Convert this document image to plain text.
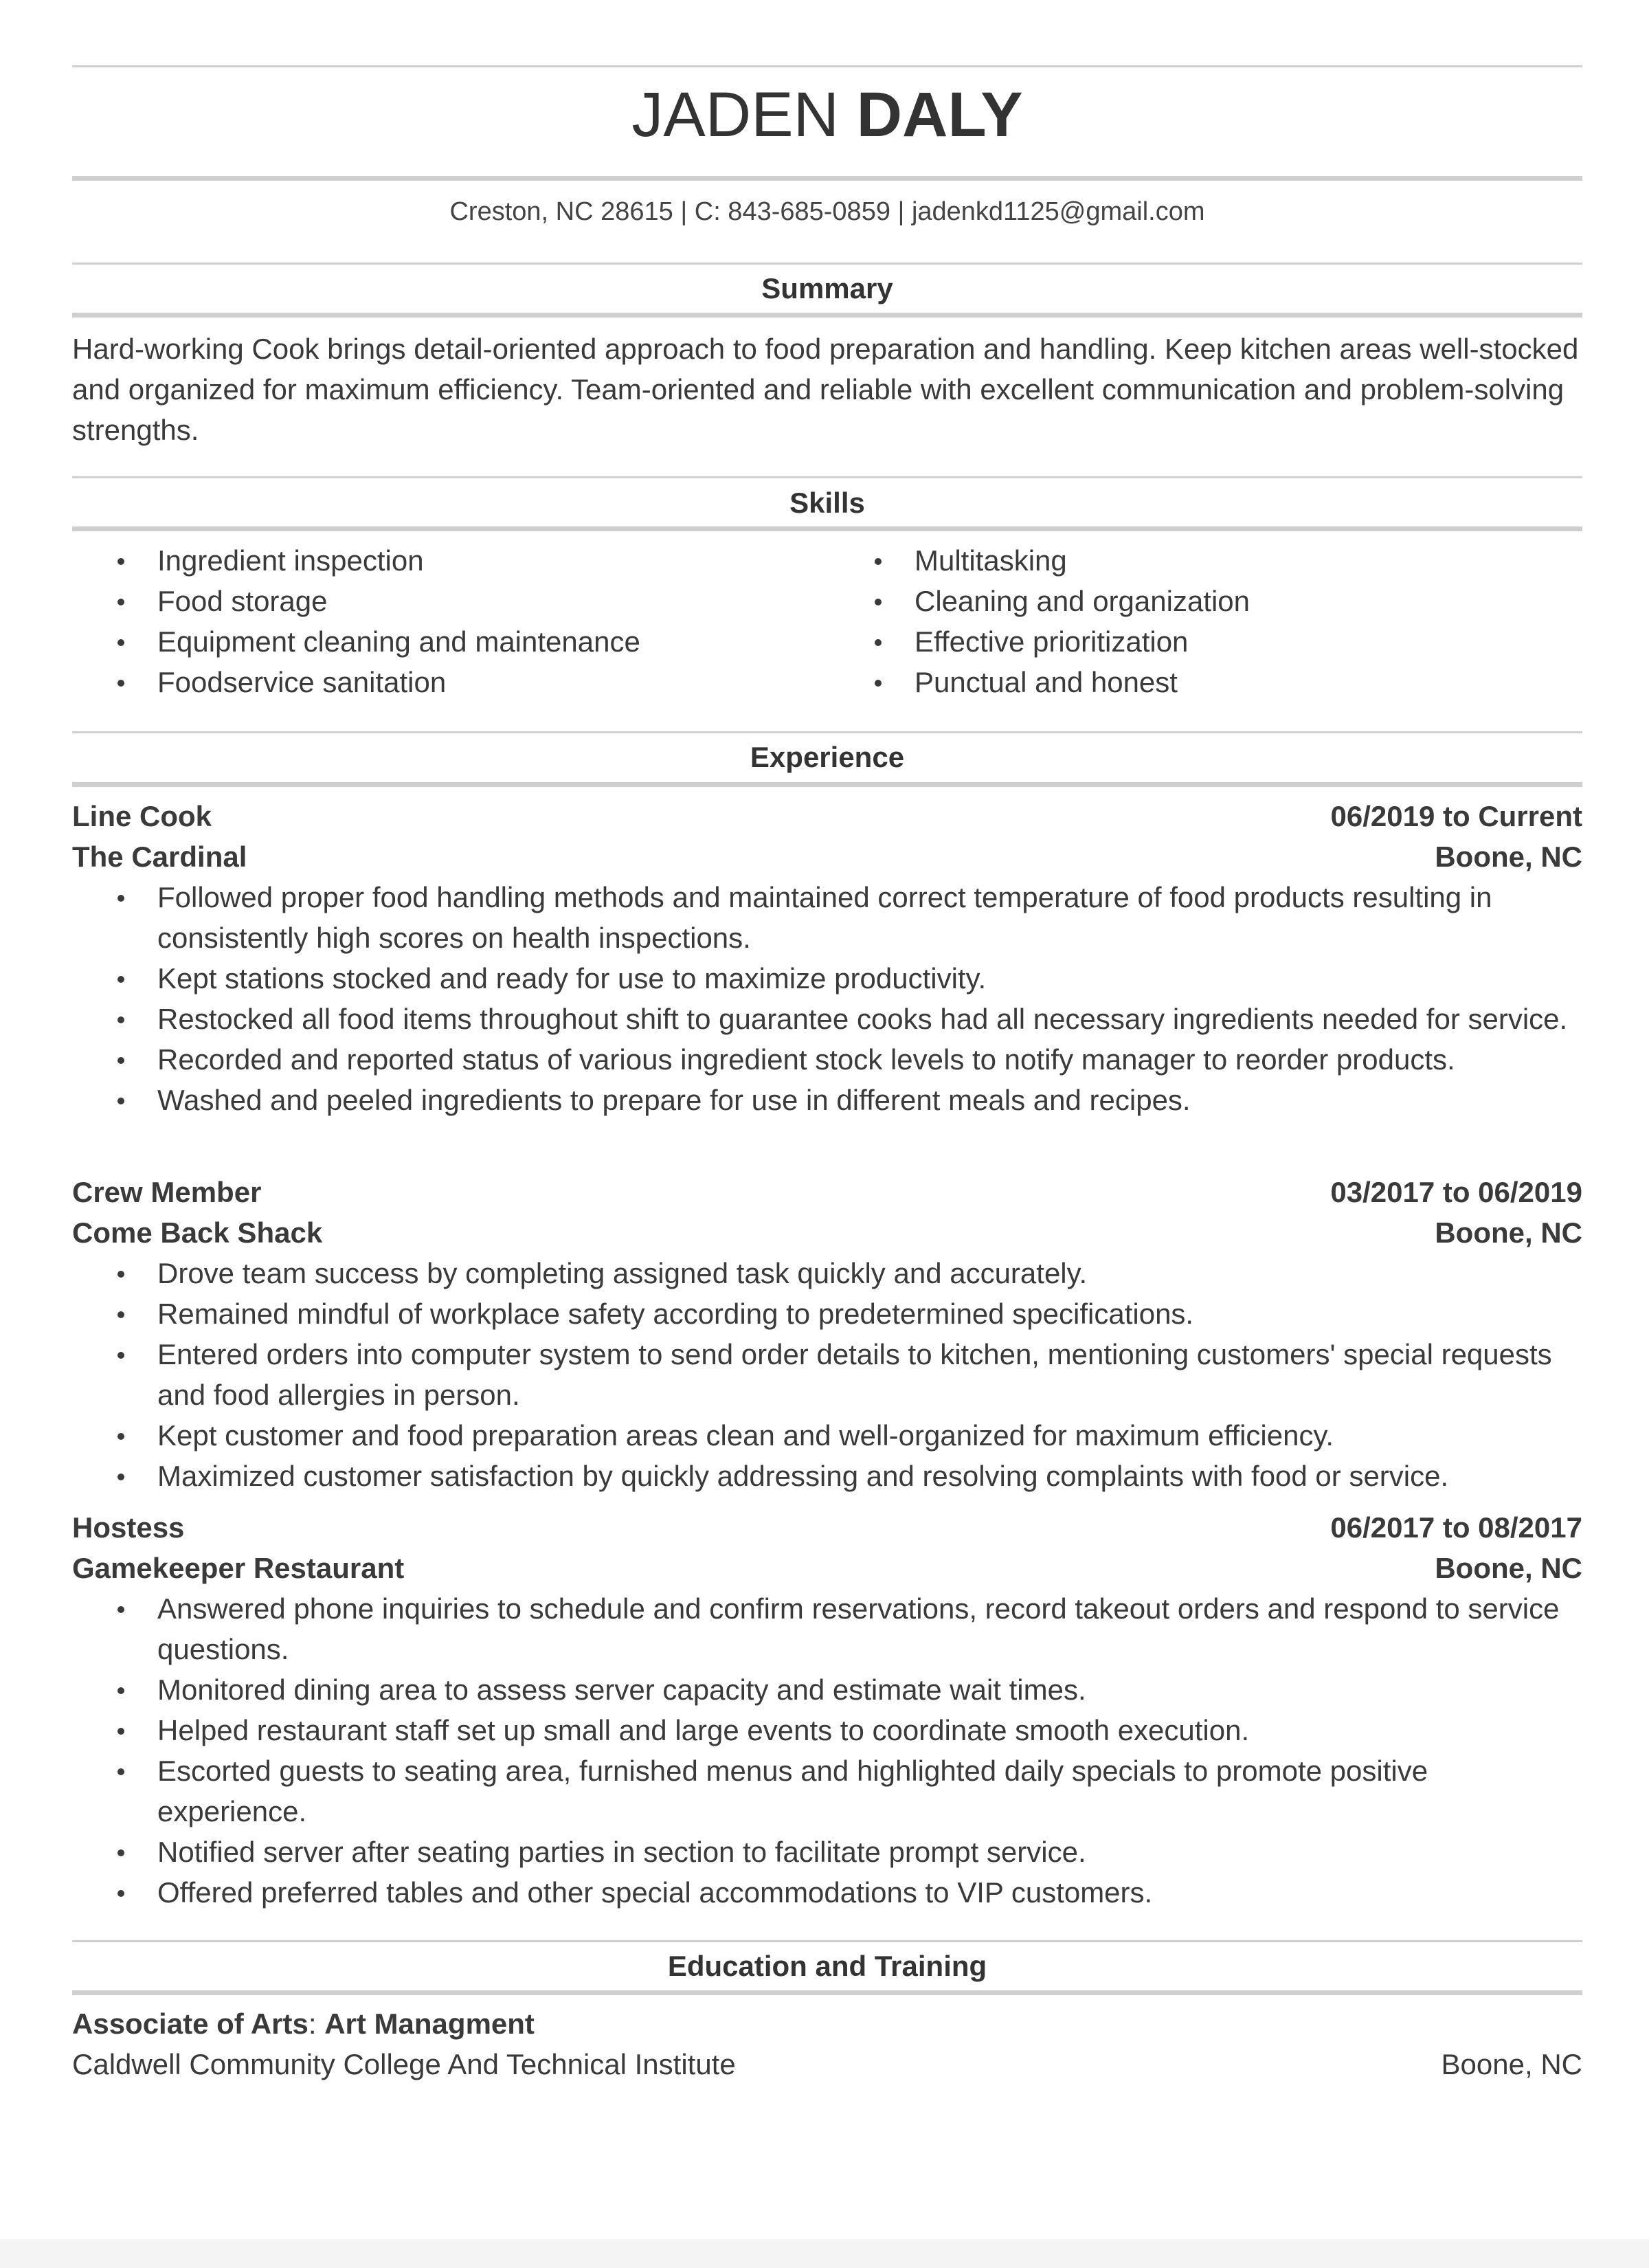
JADEN DALY
Creston, NC 28615 | C: 843-685-0859 | jadenkd1125@gmail.com
Summary
Hard-working Cook brings detail-oriented approach to food preparation and handling. Keep kitchen areas well-stocked and organized for maximum efficiency. Team-oriented and reliable with excellent communication and problem-solving strengths.
Skills
Ingredient inspection
Food storage
Equipment cleaning and maintenance
Foodservice sanitation
Multitasking
Cleaning and organization
Effective prioritization
Punctual and honest
Experience
Line Cook	06/2019 to Current
The Cardinal	Boone, NC
Followed proper food handling methods and maintained correct temperature of food products resulting in consistently high scores on health inspections.
Kept stations stocked and ready for use to maximize productivity.
Restocked all food items throughout shift to guarantee cooks had all necessary ingredients needed for service.
Recorded and reported status of various ingredient stock levels to notify manager to reorder products.
Washed and peeled ingredients to prepare for use in different meals and recipes.
Crew Member	03/2017 to 06/2019
Come Back Shack	Boone, NC
Drove team success by completing assigned task quickly and accurately.
Remained mindful of workplace safety according to predetermined specifications.
Entered orders into computer system to send order details to kitchen, mentioning customers' special requests and food allergies in person.
Kept customer and food preparation areas clean and well-organized for maximum efficiency.
Maximized customer satisfaction by quickly addressing and resolving complaints with food or service.
Hostess	06/2017 to 08/2017
Gamekeeper Restaurant	Boone, NC
Answered phone inquiries to schedule and confirm reservations, record takeout orders and respond to service questions.
Monitored dining area to assess server capacity and estimate wait times.
Helped restaurant staff set up small and large events to coordinate smooth execution.
Escorted guests to seating area, furnished menus and highlighted daily specials to promote positive experience.
Notified server after seating parties in section to facilitate prompt service.
Offered preferred tables and other special accommodations to VIP customers.
Education and Training
Associate of Arts: Art Managment
Caldwell Community College And Technical Institute	Boone, NC
